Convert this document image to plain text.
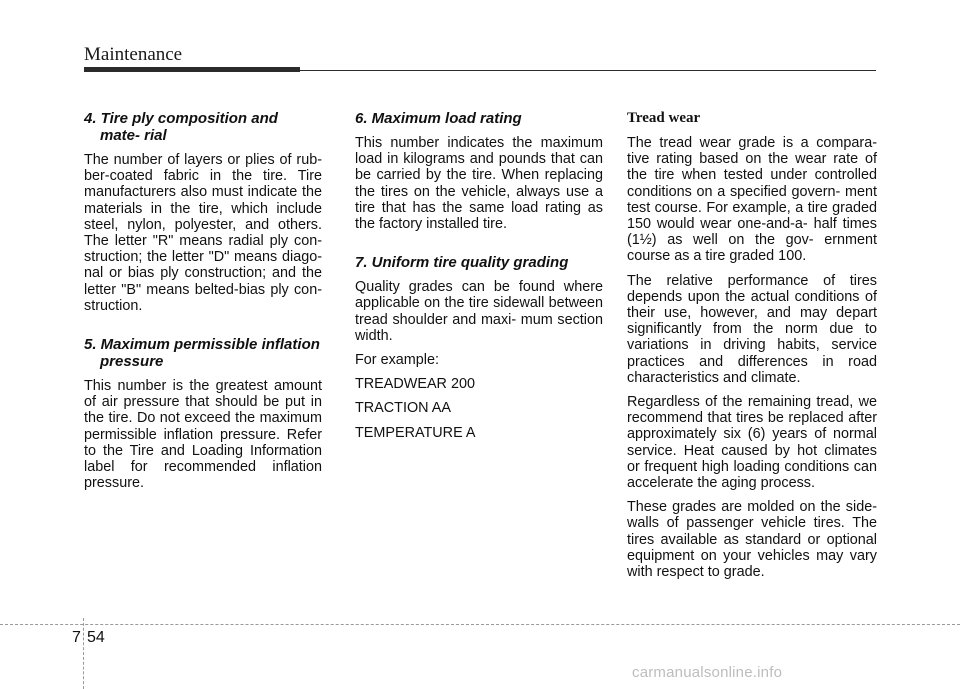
Maintenance
4. Tire ply composition and mate- rial
The number of layers or plies of rub- ber-coated fabric in the tire. Tire manufacturers also must indicate the materials in the tire, which include steel, nylon, polyester, and others. The letter "R" means radial ply con- struction; the letter "D" means diago- nal or bias ply construction; and the letter "B" means belted-bias ply con- struction.
5. Maximum permissible inflation pressure
This number is the greatest amount of air pressure that should be put in the tire. Do not exceed the maximum permissible inflation pressure. Refer to the Tire and Loading Information label for recommended inflation pressure.
6. Maximum load rating
This number indicates the maximum load in kilograms and pounds that can be carried by the tire. When replacing the tires on the vehicle, always use a tire that has the same load rating as the factory installed tire.
7. Uniform tire quality grading
Quality grades can be found where applicable on the tire sidewall between tread shoulder and maxi- mum section width.
For example:
TREADWEAR 200
TRACTION AA
TEMPERATURE A
Tread wear
The tread wear grade is a compara- tive rating based on the wear rate of the tire when tested under controlled conditions on a specified govern- ment test course. For example, a tire graded 150 would wear one-and-a- half times (1½) as well on the gov- ernment course as a tire graded 100.
The relative performance of tires depends upon the actual conditions of their use, however, and may depart significantly from the norm due to variations in driving habits, service practices and differences in road characteristics and climate.
Regardless of the remaining tread, we recommend that tires be replaced after approximately six (6) years of normal service. Heat caused by hot climates or frequent high loading conditions can accelerate the aging process.
These grades are molded on the side-walls of passenger vehicle tires. The tires available as standard or optional equipment on your vehicles may vary with respect to grade.
7 54
carmanualsonline.info
